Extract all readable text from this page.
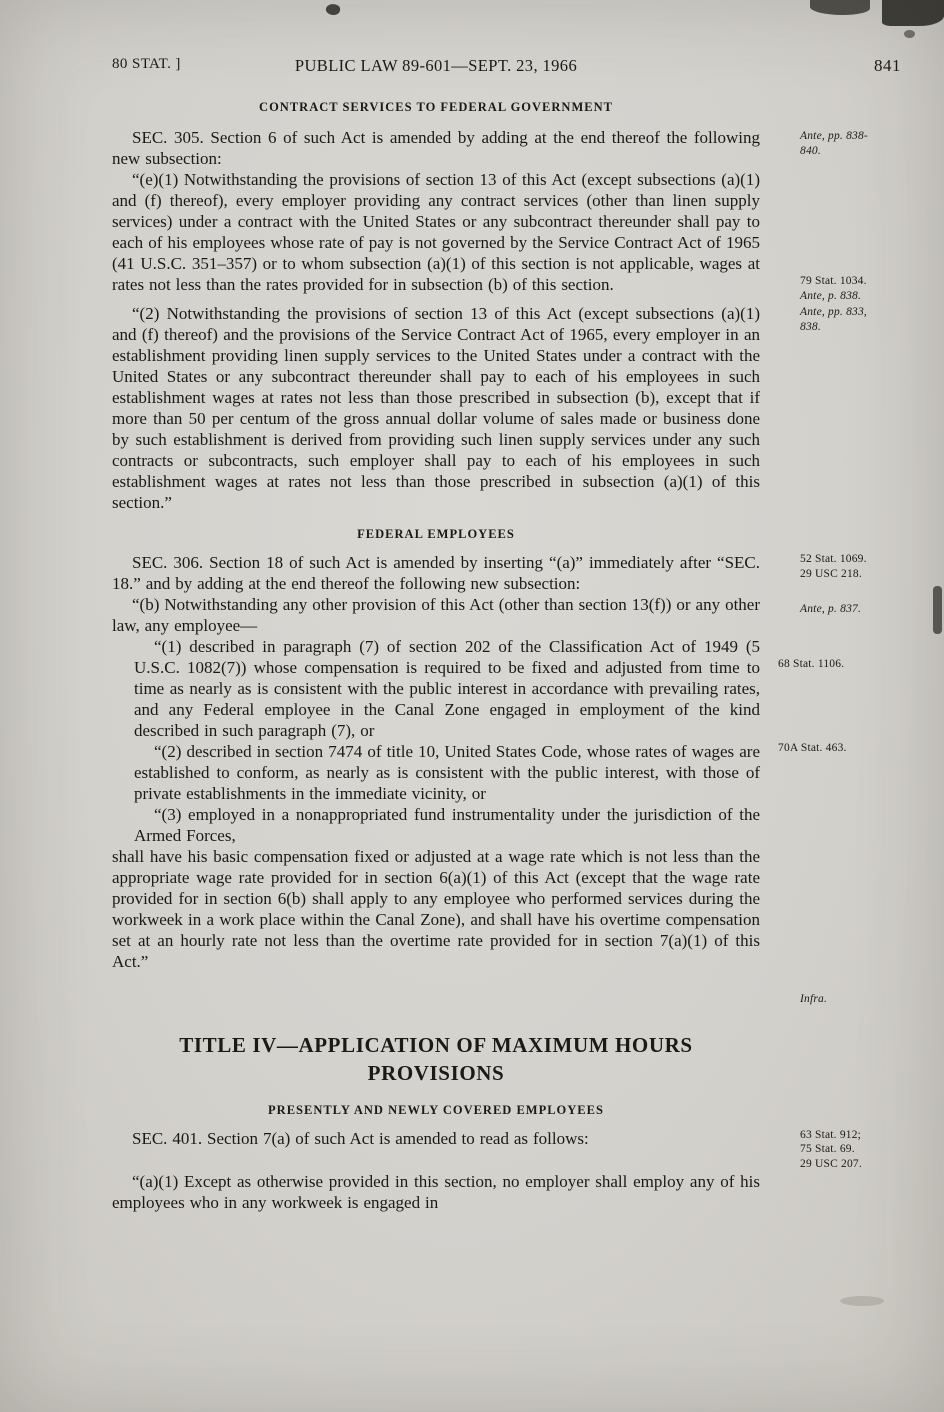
80 STAT. ]	PUBLIC LAW 89-601—SEPT. 23, 1966	841
CONTRACT SERVICES TO FEDERAL GOVERNMENT

SEC. 305. Section 6 of such Act is amended by adding at the end thereof the following new subsection:

Ante, pp. 838-
840.

“(e)(1) Notwithstanding the provisions of section 13 of this Act (except subsections (a)(1) and (f) thereof), every employer providing any contract services (other than linen supply services) under a contract with the United States or any subcontract thereunder shall pay to each of his employees whose rate of pay is not governed by the Service Contract Act of 1965 (41 U.S.C. 351–357) or to whom subsection (a)(1) of this section is not applicable, wages at rates not less than the rates provided for in subsection (b) of this section.	79 Stat. 1034.
Ante, p. 838.

“(2) Notwithstanding the provisions of section 13 of this Act (except subsections (a)(1) and (f) thereof) and the provisions of the Service Contract Act of 1965, every employer in an establishment providing linen supply services to the United States under a contract with the United States or any subcontract thereunder shall pay to each of his employees in such establishment wages at rates not less than those prescribed in subsection (b), except that if more than 50 per centum of the gross annual dollar volume of sales made or business done by such establishment is derived from providing such linen supply services under any such contracts or subcontracts, such employer shall pay to each of his employees in such establishment wages at rates not less than those prescribed in subsection (a)(1) of this section.”

Ante, pp. 833,
838.
FEDERAL EMPLOYEES

SEC. 306. Section 18 of such Act is amended by inserting “(a)” immediately after “SEC. 18.” and by adding at the end thereof the following new subsection:

52 Stat. 1069.
29 USC 218.

“(b) Notwithstanding any other provision of this Act (other than section 13(f)) or any other law, any employee—

Ante, p. 837.

“(1) described in paragraph (7) of section 202 of the Classification Act of 1949 (5 U.S.C. 1082(7)) whose compensation is required to be fixed and adjusted from time to time as nearly as is consistent with the public interest in accordance with prevailing rates, and any Federal employee in the Canal Zone engaged in employment of the kind described in such paragraph (7), or

68 Stat. 1106.

“(2) described in section 7474 of title 10, United States Code, whose rates of wages are established to conform, as nearly as is consistent with the public interest, with those of private establishments in the immediate vicinity, or

70A Stat. 463.

“(3) employed in a nonappropriated fund instrumentality under the jurisdiction of the Armed Forces,

shall have his basic compensation fixed or adjusted at a wage rate which is not less than the appropriate wage rate provided for in section 6(a)(1) of this Act (except that the wage rate provided for in section 6(b) shall apply to any employee who performed services during the workweek in a work place within the Canal Zone), and shall have his overtime compensation set at an hourly rate not less than the overtime rate provided for in section 7(a)(1) of this Act.”

Infra.
TITLE IV—APPLICATION OF MAXIMUM HOURS
PROVISIONS
PRESENTLY AND NEWLY COVERED EMPLOYEES

SEC. 401. Section 7(a) of such Act is amended to read as follows:	63 Stat. 912;
75 Stat. 69.
29 USC 207.

“(a)(1) Except as otherwise provided in this section, no employer shall employ any of his employees who in any workweek is engaged in
